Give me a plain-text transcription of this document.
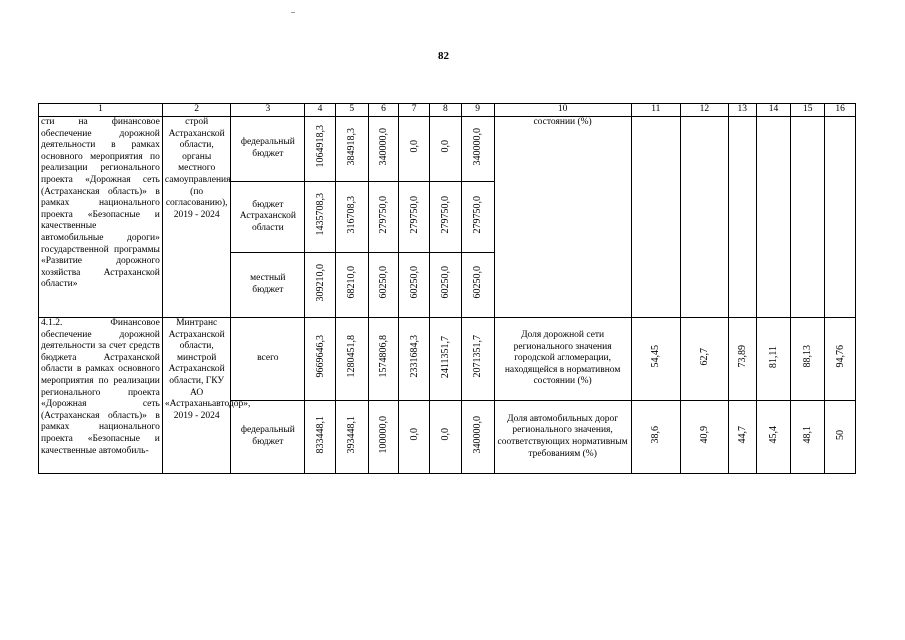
82
1	2	3	4	5	6	7	8	9	10	11	12	13	14	15	16
сти на финансовое обеспечение дорожной деятельности в рамках основного мероприятия по реализации регионального проекта «Дорожная сеть (Астраханская область)» в рамках национального проекта «Безопасные и качественные автомобильные дороги» государственной программы «Развитие дорожного хозяйства Астраханской области»	строй Астраханской области, органы местного самоуправления (по согласованию), 2019 - 2024	федеральный бюджет	1064918,3	384918,3	340000,0	0,0	0,0	340000,0	состоянии (%)						
		бюджет Астраханской области	1435708,3	316708,3	279750,0	279750,0	279750,0	279750,0							
		местный бюджет	309210,0	68210,0	60250,0	60250,0	60250,0	60250,0							
4.1.2. Финансовое обеспечение дорожной деятельности за счет средств бюджета Астраханской области в рамках основного мероприятия по реализации регионального проекта «Дорожная сеть (Астраханская область)» в рамках национального проекта «Безопасные и качественные автомобиль-	Минтранс Астраханской области, минстрой Астраханской области, ГКУ АО «Астраханьавтодор», 2019 - 2024	всего	9669646,3	1280451,8	1574806,8	2331684,3	2411351,7	2071351,7	Доля дорожной сети регионального значения городской агломерации, находящейся в нормативном состоянии (%)	54,45	62,7	73,89	81,11	88,13	94,76
		федеральный бюджет	833448,1	393448,1	100000,0	0,0	0,0	340000,0	Доля автомобильных дорог регионального значения, соответствующих нормативным требованиям (%)	38,6	40,9	44,7	45,4	48,1	50
